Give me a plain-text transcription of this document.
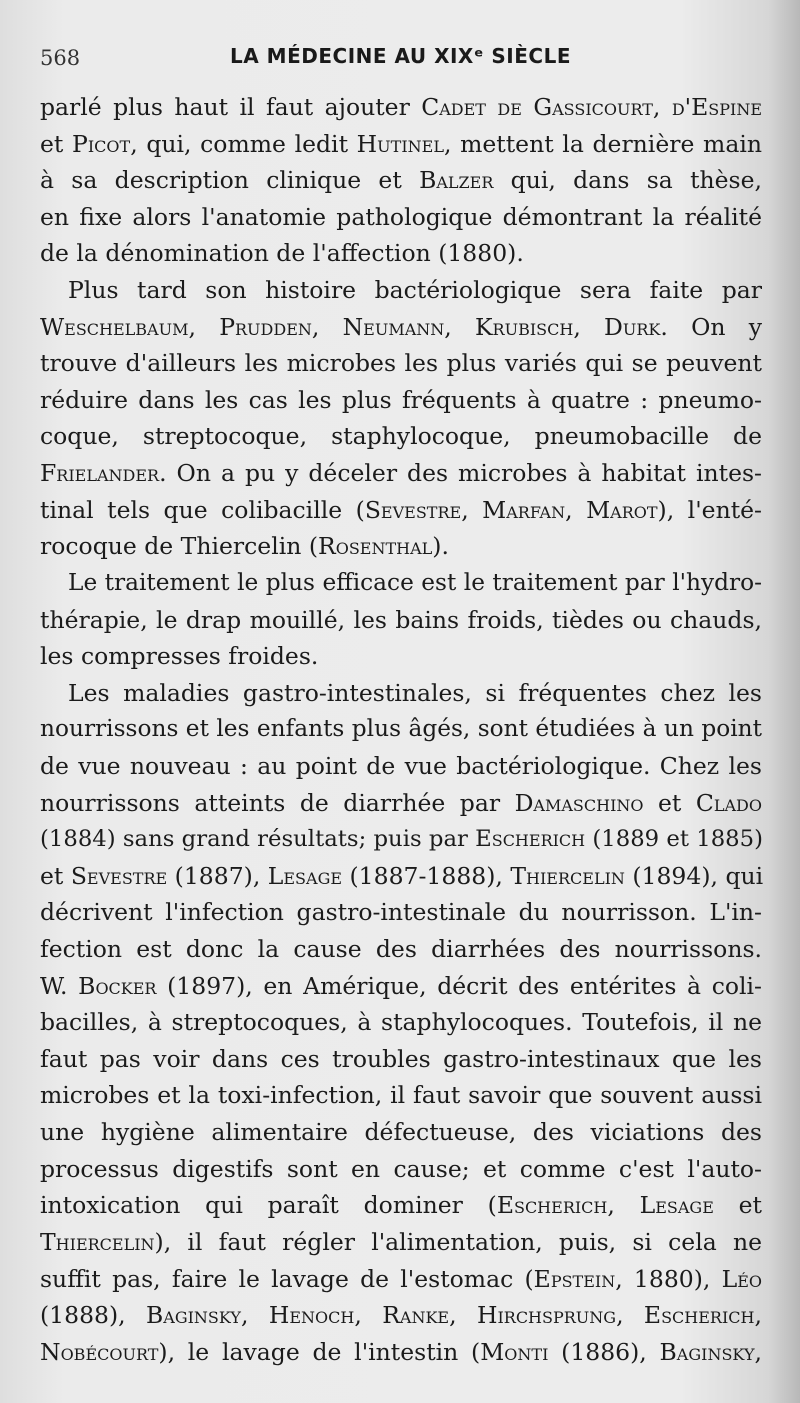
568	LA MÉDECINE AU XIXᵉ SIÈCLE
parlé plus haut il faut ajouter Cadet de Gassicourt, d'Espine
et Picot, qui, comme ledit Hutinel, mettent la dernière main
à sa description clinique et Balzer qui, dans sa thèse,
en fixe alors l'anatomie pathologique démontrant la réalité
de la dénomination de l'affection (1880).
Plus tard son histoire bactériologique sera faite par
Weschelbaum, Prudden, Neumann, Krubisch, Durk. On y
trouve d'ailleurs les microbes les plus variés qui se peuvent
réduire dans les cas les plus fréquents à quatre : pneumo-
coque, streptocoque, staphylocoque, pneumobacille de
Frielander. On a pu y déceler des microbes à habitat intes-
tinal tels que colibacille (Sevestre, Marfan, Marot), l'enté-
rocoque de Thiercelin (Rosenthal).
Le traitement le plus efficace est le traitement par l'hydro-
thérapie, le drap mouillé, les bains froids, tièdes ou chauds,
les compresses froides.
Les maladies gastro-intestinales, si fréquentes chez les
nourrissons et les enfants plus âgés, sont étudiées à un point
de vue nouveau : au point de vue bactériologique. Chez les
nourrissons atteints de diarrhée par Damaschino et Clado
(1884) sans grand résultats; puis par Escherich (1889 et 1885)
et Sevestre (1887), Lesage (1887-1888), Thiercelin (1894), qui
décrivent l'infection gastro-intestinale du nourrisson. L'in-
fection est donc la cause des diarrhées des nourrissons.
W. Bocker (1897), en Amérique, décrit des entérites à coli-
bacilles, à streptocoques, à staphylocoques. Toutefois, il ne
faut pas voir dans ces troubles gastro-intestinaux que les
microbes et la toxi-infection, il faut savoir que souvent aussi
une hygiène alimentaire défectueuse, des viciations des
processus digestifs sont en cause; et comme c'est l'auto-
intoxication qui paraît dominer (Escherich, Lesage et
Thiercelin), il faut régler l'alimentation, puis, si cela ne
suffit pas, faire le lavage de l'estomac (Epstein, 1880), Léo
(1888), Baginsky, Henoch, Ranke, Hirchsprung, Escherich,
Nobécourt), le lavage de l'intestin (Monti (1886), Baginsky,
